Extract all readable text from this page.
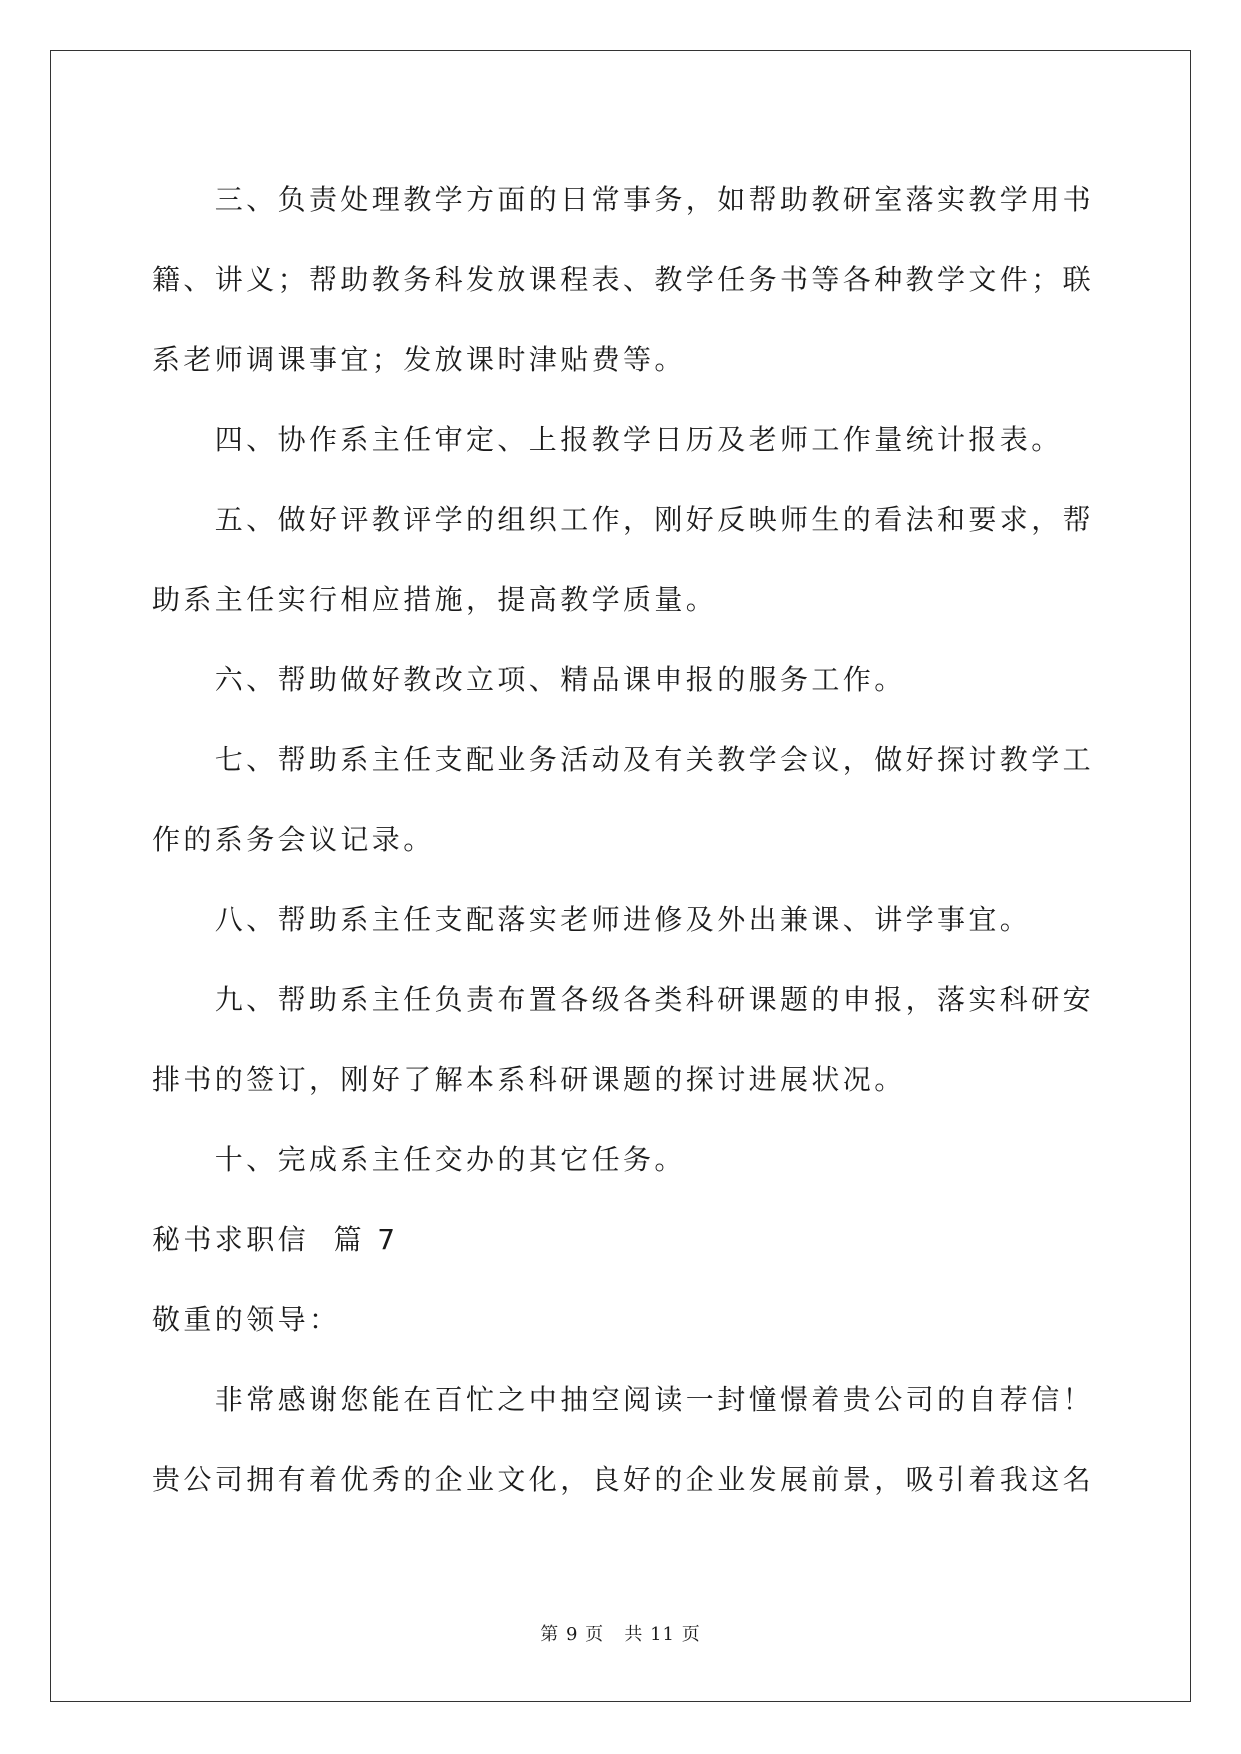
　　三、负责处理教学方面的日常事务，如帮助教研室落实教学用书

籍、讲义；帮助教务科发放课程表、教学任务书等各种教学文件；联

系老师调课事宜；发放课时津贴费等。

　　四、协作系主任审定、上报教学日历及老师工作量统计报表。

　　五、做好评教评学的组织工作，刚好反映师生的看法和要求，帮

助系主任实行相应措施，提高教学质量。

　　六、帮助做好教改立项、精品课申报的服务工作。

　　七、帮助系主任支配业务活动及有关教学会议，做好探讨教学工

作的系务会议记录。

　　八、帮助系主任支配落实老师进修及外出兼课、讲学事宜。

　　九、帮助系主任负责布置各级各类科研课题的申报，落实科研安

排书的签订，刚好了解本系科研课题的探讨进展状况。

　　十、完成系主任交办的其它任务。

秘书求职信  篇 7

敬重的领导：

　　非常感谢您能在百忙之中抽空阅读一封憧憬着贵公司的自荐信！

贵公司拥有着优秀的企业文化，良好的企业发展前景，吸引着我这名

第 9 页   共 11 页
